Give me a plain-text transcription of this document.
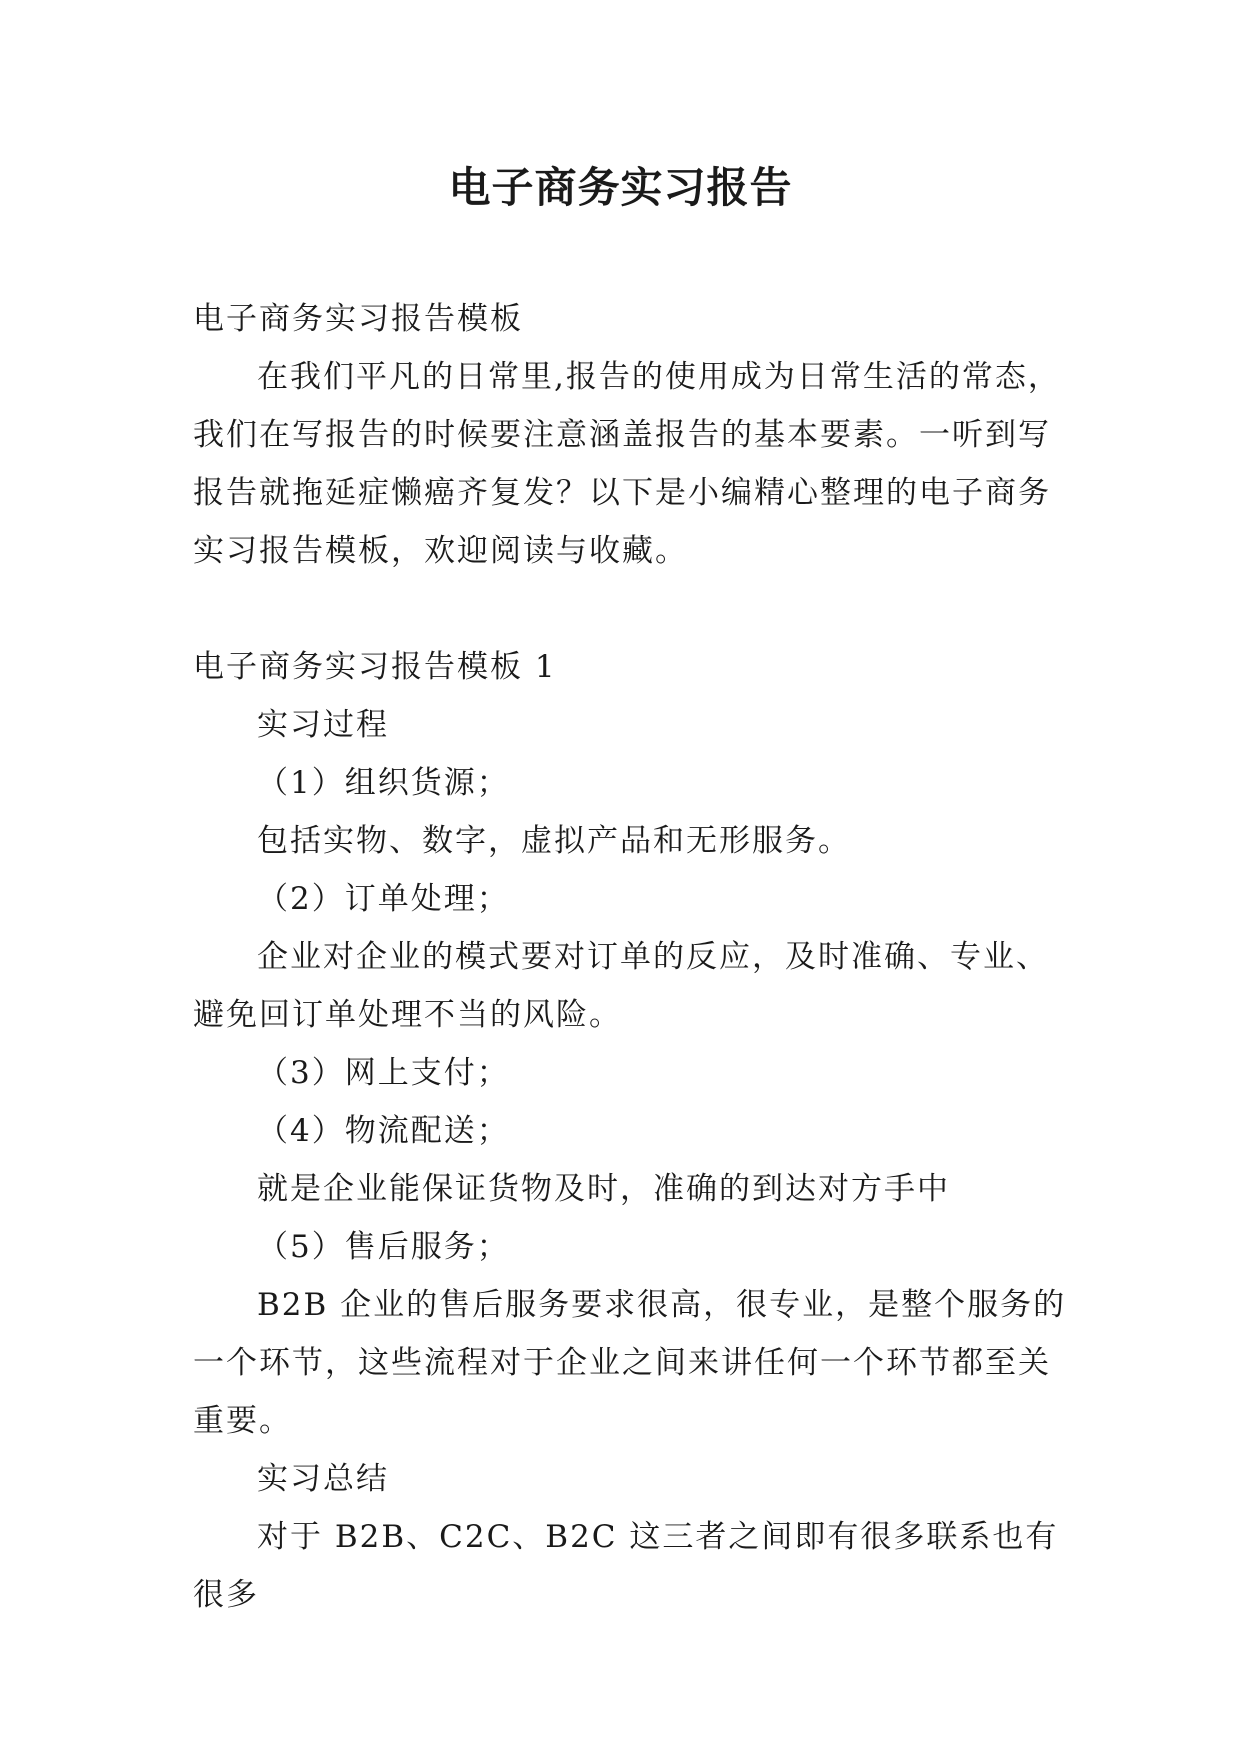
电子商务实习报告

电子商务实习报告模板

在我们平凡的日常里,报告的使用成为日常生活的常态，我们在写报告的时候要注意涵盖报告的基本要素。一听到写报告就拖延症懒癌齐复发？以下是小编精心整理的电子商务实习报告模板，欢迎阅读与收藏。

电子商务实习报告模板 1

实习过程

（1）组织货源；

包括实物、数字，虚拟产品和无形服务。

（2）订单处理；

企业对企业的模式要对订单的反应，及时准确、专业、避免回订单处理不当的风险。

（3）网上支付；

（4）物流配送；

就是企业能保证货物及时，准确的到达对方手中

（5）售后服务；

B2B 企业的售后服务要求很高，很专业，是整个服务的一个环节，这些流程对于企业之间来讲任何一个环节都至关重要。

实习总结

对于 B2B、C2C、B2C 这三者之间即有很多联系也有很多
